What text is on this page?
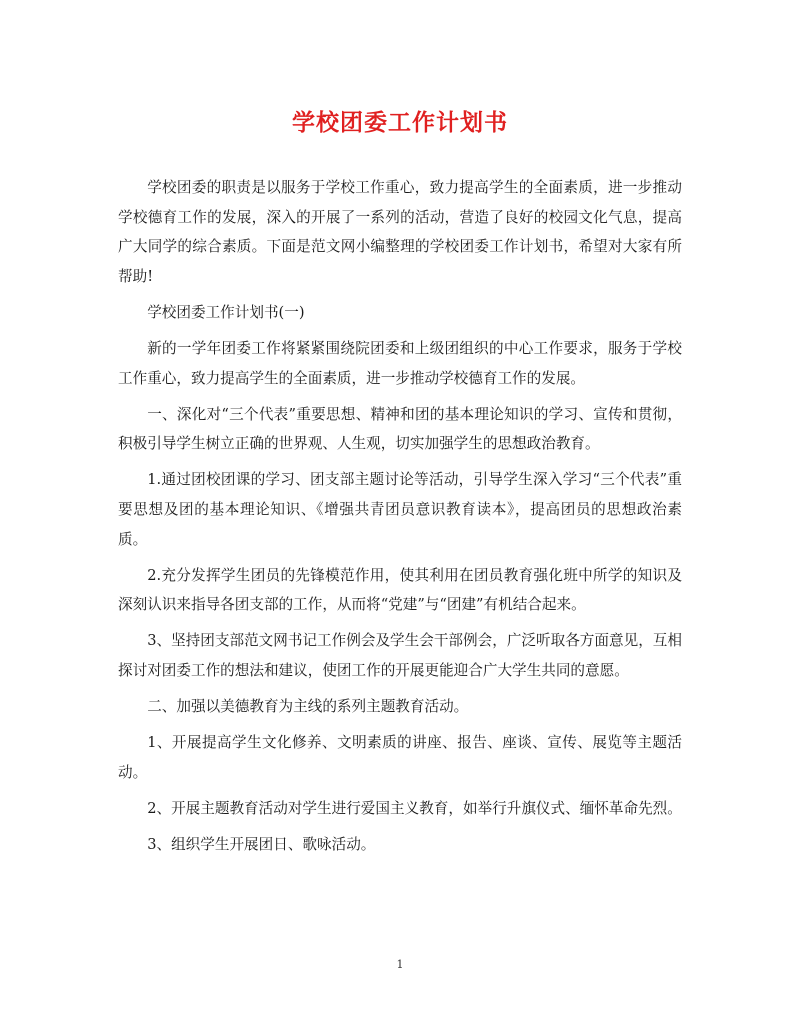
学校团委工作计划书

学校团委的职责是以服务于学校工作重心，致力提高学生的全面素质，进一步推动学校德育工作的发展，深入的开展了一系列的活动，营造了良好的校园文化气息，提高广大同学的综合素质。下面是范文网小编整理的学校团委工作计划书，希望对大家有所帮助!

学校团委工作计划书(一)

新的一学年团委工作将紧紧围绕院团委和上级团组织的中心工作要求，服务于学校工作重心，致力提高学生的全面素质，进一步推动学校德育工作的发展。

一、深化对“三个代表”重要思想、精神和团的基本理论知识的学习、宣传和贯彻，积极引导学生树立正确的世界观、人生观，切实加强学生的思想政治教育。

1.通过团校团课的学习、团支部主题讨论等活动，引导学生深入学习“三个代表”重要思想及团的基本理论知识、《增强共青团员意识教育读本》，提高团员的思想政治素质。

2.充分发挥学生团员的先锋模范作用，使其利用在团员教育强化班中所学的知识及深刻认识来指导各团支部的工作，从而将“党建”与“团建”有机结合起来。

3、坚持团支部范文网书记工作例会及学生会干部例会，广泛听取各方面意见，互相探讨对团委工作的想法和建议，使团工作的开展更能迎合广大学生共同的意愿。

二、加强以美德教育为主线的系列主题教育活动。

1、开展提高学生文化修养、文明素质的讲座、报告、座谈、宣传、展览等主题活动。

2、开展主题教育活动对学生进行爱国主义教育，如举行升旗仪式、缅怀革命先烈。

3、组织学生开展团日、歌咏活动。

1
